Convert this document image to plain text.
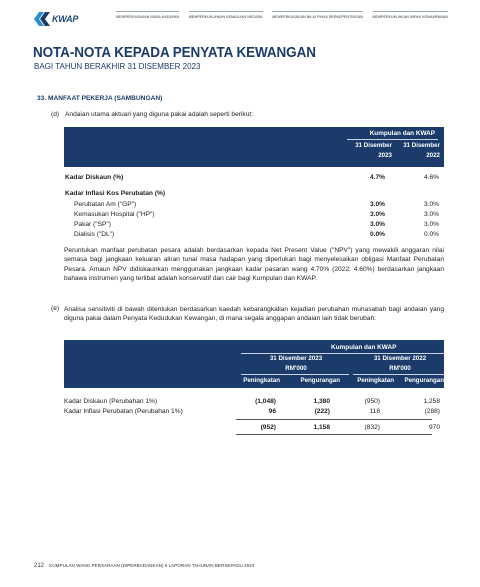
KWAP	MEMPERKASAKAN MASA HADAPAN	MEMPERKUKUHKAN KEMAJUAN NEGARA	MEMPERKASAKAN NILAI PIHAK BERKEPENTINGAN	MEMPERKUKUHKAN IMPAK KEMAMPANAN
NOTA-NOTA KEPADA PENYATA KEWANGAN
BAGI TAHUN BERAKHIR 31 DISEMBER 2023
33. MANFAAT PEKERJA (SAMBUNGAN)
(d) Andaian utama aktuari yang diguna pakai adalah seperti berikut:
Kumpulan dan KWAP
31 Disember
2023
31 Disember
2022
Kadar Diskaun (%)	4.7%	4.6%
Kadar Inflasi Kos Perubatan (%)
Perubatan Am ("GP")	3.0%	3.0%
Kemasukan Hospital ("HP")	3.0%	3.0%
Pakar ("SP")	3.0%	3.0%
Dialisis ("DL")	0.0%	0.0%
Peruntukan manfaat perubatan pesara adalah berdasarkan kepada Net Present Value ("NPV") yang mewakili anggaran nilai semasa bagi jangkaan keluaran aliran tunai masa hadapan yang diperlukan bagi menyelesaikan obligasi Manfaat Perubatan Pesara. Amaun NPV didiskaunkan menggunakan jangkaan kadar pasaran wang 4.70% (2022: 4.60%) berdasarkan jangkaan bahawa instrumen yang terlibat adalah konservatif dan cair bagi Kumpulan dan KWAP.
(e) Analisa sensitiviti di bawah ditentukan berdasarkan kaedah kebarangkalian kejadian perubahan munasabah bagi andaian yang diguna pakai dalam Penyata Kedudukan Kewangan, di mana segala anggapan andaian lain tidak berubah:
Kumpulan dan KWAP
31 Disember 2023	31 Disember 2022
RM'000	RM'000
Peningkatan	Pengurangan	Peningkatan	Pengurangan
Kadar Diskaun (Perubahan 1%)	(1,048)	1,380	(950)	1,258
Kadar Inflasi Perubatan (Perubahan 1%)	96	(222)	118	(288)
(952)	1,158	(832)	970
212 KUMPULAN WANG PERSARAAN (DIPERBADANKAN) II LAPORAN TAHUNAN BERSEPADU 2023
